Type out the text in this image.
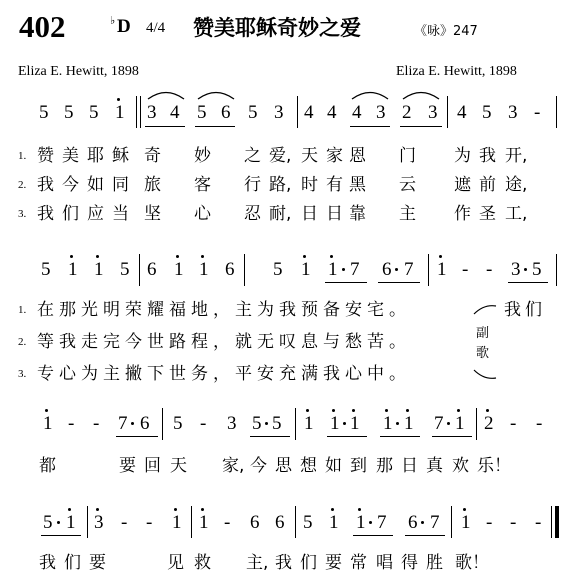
402	♭ D 4/4 赞美耶稣奇妙之爱	《咏》247
Eliza E. Hewitt, 1898	Eliza E. Hewitt, 1898
5 5 5 1 3 4 5 6 5 3 4 4 4 3 2 3 4 5 3 -
1.
2.
3.
赞 美 耶 稣 奇 妙 之 爱, 天 家 恩 门 为 我 开,
我 今 如 同 旅 客 行 路, 时 有 黑 云 遮 前 途,
我 们 应 当 坚 心 忍 耐, 日 日 靠 主 作 圣 工,
5 1 1 5 6 1 1 6 5 1 1 7 6 7 1 - - 3 5
1.
2.
3.
在那光明荣耀福地，主为我预备安宅。
等我走完今世路程，就无叹息与愁苦。
专心为主撇下世务，平安充满我心中。
副
歌
我们
1 - - 7 6 5 - 3 5 5 1 1 1 1 1 7 1 2 - -
都	要 回 天 家, 今 思 想 如 到 那 日 真 欢 乐！
5 1 3 - - 1 1 - 6 6 5 1 1 7 6 7 1 - - -
我 们 要	见 救 主, 我 们 要 常 唱 得 胜 歌！
